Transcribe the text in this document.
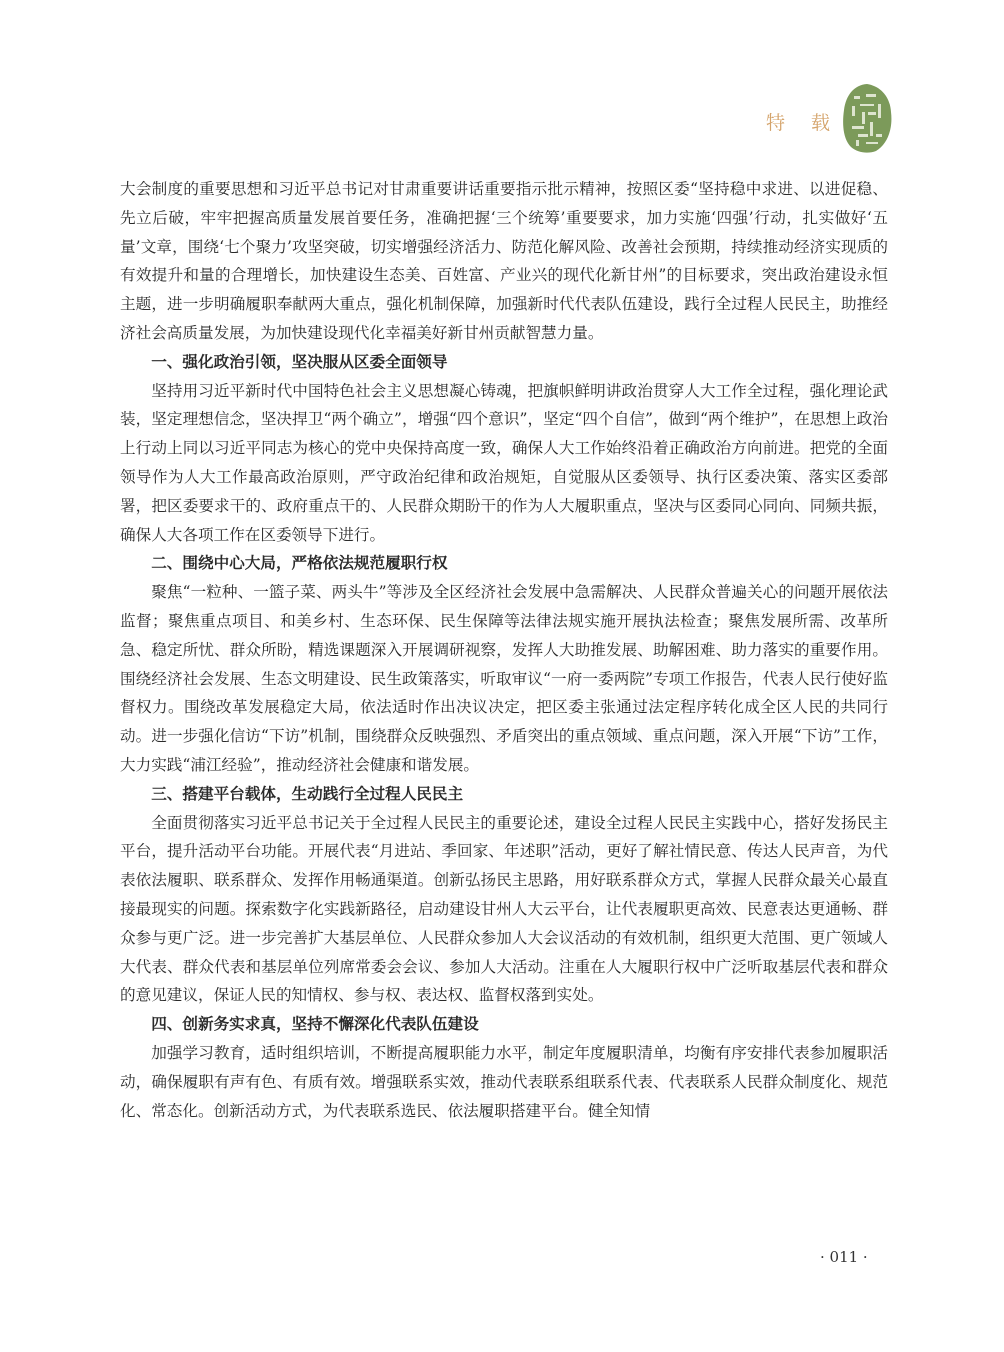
特 载

大会制度的重要思想和习近平总书记对甘肃重要讲话重要指示批示精神，按照区委“坚持稳中求进、以进促稳、先立后破，牢牢把握高质量发展首要任务，准确把握‘三个统筹’重要要求，加力实施‘四强’行动，扎实做好‘五量’文章，围绕‘七个聚力’攻坚突破，切实增强经济活力、防范化解风险、改善社会预期，持续推动经济实现质的有效提升和量的合理增长，加快建设生态美、百姓富、产业兴的现代化新甘州”的目标要求，突出政治建设永恒主题，进一步明确履职奉献两大重点，强化机制保障，加强新时代代表队伍建设，践行全过程人民民主，助推经济社会高质量发展，为加快建设现代化幸福美好新甘州贡献智慧力量。

一、强化政治引领，坚决服从区委全面领导

坚持用习近平新时代中国特色社会主义思想凝心铸魂，把旗帜鲜明讲政治贯穿人大工作全过程，强化理论武装，坚定理想信念，坚决捍卫“两个确立”，增强“四个意识”，坚定“四个自信”，做到“两个维护”，在思想上政治上行动上同以习近平同志为核心的党中央保持高度一致，确保人大工作始终沿着正确政治方向前进。把党的全面领导作为人大工作最高政治原则，严守政治纪律和政治规矩，自觉服从区委领导、执行区委决策、落实区委部署，把区委要求干的、政府重点干的、人民群众期盼干的作为人大履职重点，坚决与区委同心同向、同频共振，确保人大各项工作在区委领导下进行。

二、围绕中心大局，严格依法规范履职行权

聚焦“一粒种、一篮子菜、两头牛”等涉及全区经济社会发展中急需解决、人民群众普遍关心的问题开展依法监督；聚焦重点项目、和美乡村、生态环保、民生保障等法律法规实施开展执法检查；聚焦发展所需、改革所急、稳定所忧、群众所盼，精选课题深入开展调研视察，发挥人大助推发展、助解困难、助力落实的重要作用。围绕经济社会发展、生态文明建设、民生政策落实，听取审议“一府一委两院”专项工作报告，代表人民行使好监督权力。围绕改革发展稳定大局，依法适时作出决议决定，把区委主张通过法定程序转化成全区人民的共同行动。进一步强化信访“下访”机制，围绕群众反映强烈、矛盾突出的重点领域、重点问题，深入开展“下访”工作，大力实践“浦江经验”，推动经济社会健康和谐发展。

三、搭建平台载体，生动践行全过程人民民主

全面贯彻落实习近平总书记关于全过程人民民主的重要论述，建设全过程人民民主实践中心，搭好发扬民主平台，提升活动平台功能。开展代表“月进站、季回家、年述职”活动，更好了解社情民意、传达人民声音，为代表依法履职、联系群众、发挥作用畅通渠道。创新弘扬民主思路，用好联系群众方式，掌握人民群众最关心最直接最现实的问题。探索数字化实践新路径，启动建设甘州人大云平台，让代表履职更高效、民意表达更通畅、群众参与更广泛。进一步完善扩大基层单位、人民群众参加人大会议活动的有效机制，组织更大范围、更广领域人大代表、群众代表和基层单位列席常委会会议、参加人大活动。注重在人大履职行权中广泛听取基层代表和群众的意见建议，保证人民的知情权、参与权、表达权、监督权落到实处。

四、创新务实求真，坚持不懈深化代表队伍建设

加强学习教育，适时组织培训，不断提高履职能力水平，制定年度履职清单，均衡有序安排代表参加履职活动，确保履职有声有色、有质有效。增强联系实效，推动代表联系组联系代表、代表联系人民群众制度化、规范化、常态化。创新活动方式，为代表联系选民、依法履职搭建平台。健全知情

· 011 ·
